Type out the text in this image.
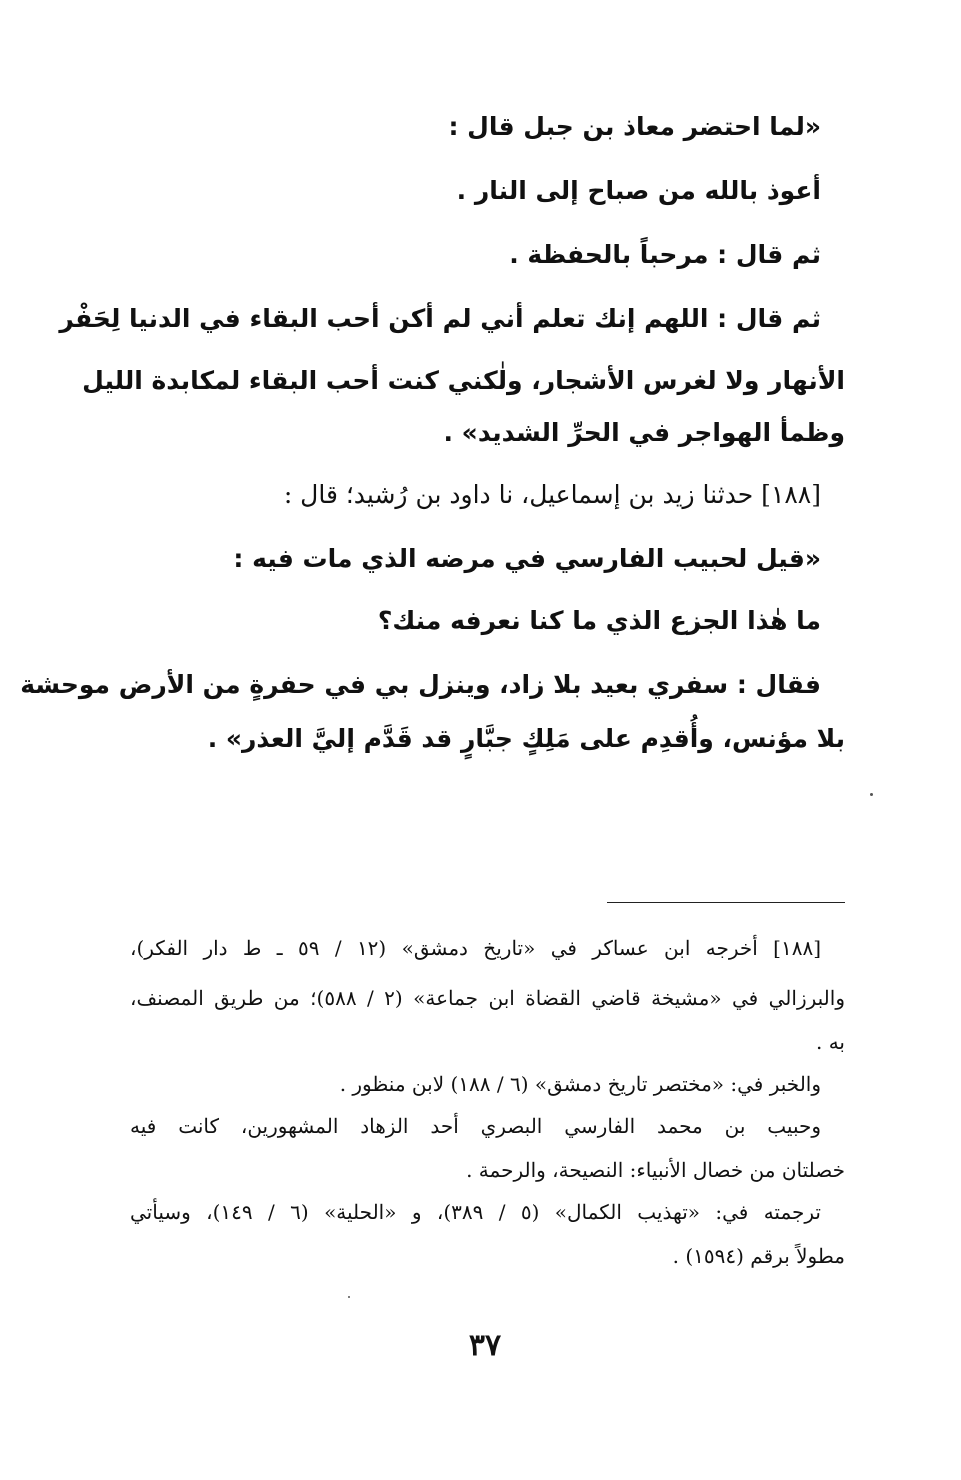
«لما احتضر معاذ بن جبل قال :
أعوذ بالله من صباح إلى النار .
ثم قال : مرحباً بالحفظة .
ثم قال : اللهم إنك تعلم أني لم أكن أحب البقاء في الدنيا لِحَفْر
الأنهار ولا لغرس الأشجار، ولٰكني كنت أحب البقاء لمكابدة الليل
وظمأ الهواجر في الحرِّ الشديد» .
[١٨٨] حدثنا زيد بن إسماعيل، نا داود بن رُشيد؛ قال :
«قيل لحبيب الفارسي في مرضه الذي مات فيه :
ما هٰذا الجزع الذي ما كنا نعرفه منك؟
فقال : سفري بعيد بلا زاد، وينزل بي في حفرةٍ من الأرض موحشة
بلا مؤنس، وأُقدِم على مَلِكٍ جبَّارٍ قد قَدَّم إليَّ العذر» .
[١٨٨] أخرجه ابن عساكر في «تاريخ دمشق» (١٢ / ٥٩ ـ ط دار الفكر)،
والبرزالي في «مشيخة قاضي القضاة ابن جماعة» (٢ / ٥٨٨)؛ من طريق المصنف،
به .
والخبر في: «مختصر تاريخ دمشق» (٦ / ١٨٨) لابن منظور .
وحبيب بن محمد الفارسي البصري أحد الزهاد المشهورين، كانت فيه
خصلتان من خصال الأنبياء: النصيحة، والرحمة .
ترجمته في: «تهذيب الكمال» (٥ / ٣٨٩)، و «الحلية» (٦ / ١٤٩)، وسيأتي
مطولاً برقم (١٥٩٤) .
٣٧
